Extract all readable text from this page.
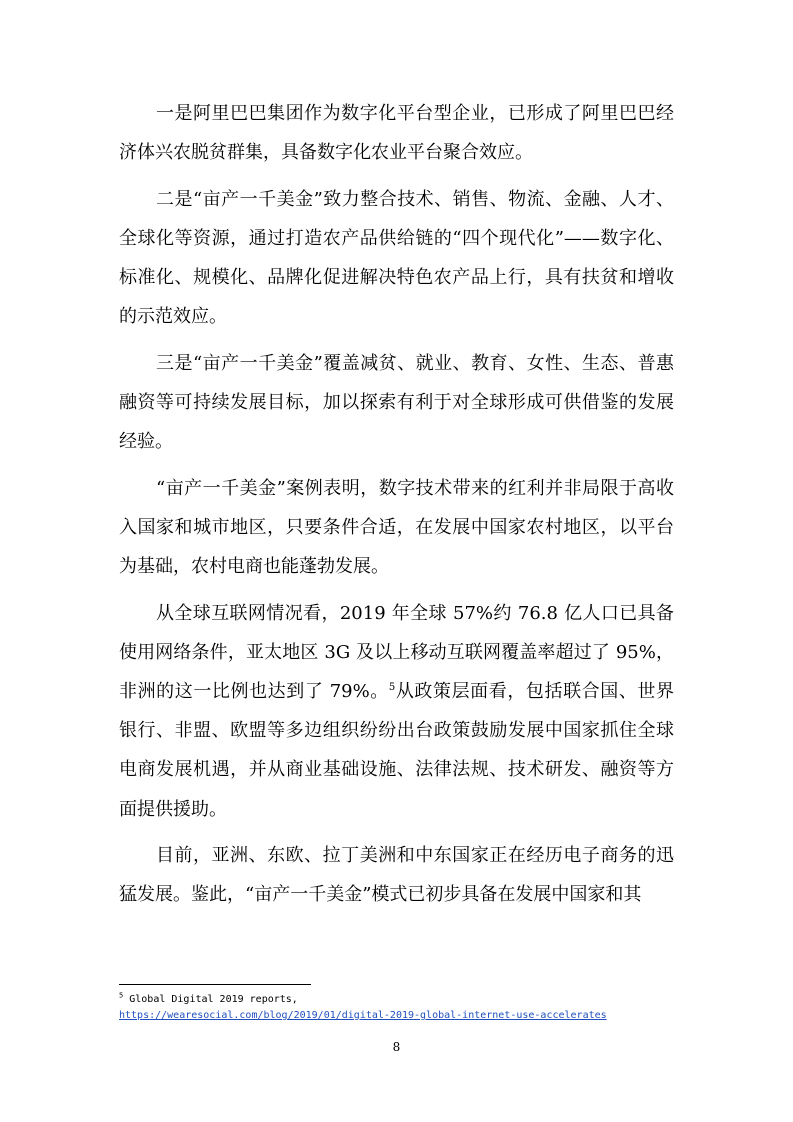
一是阿里巴巴集团作为数字化平台型企业，已形成了阿里巴巴经济体兴农脱贫群集，具备数字化农业平台聚合效应。

二是“亩产一千美金”致力整合技术、销售、物流、金融、人才、全球化等资源，通过打造农产品供给链的“四个现代化”——数字化、标准化、规模化、品牌化促进解决特色农产品上行，具有扶贫和增收的示范效应。

三是“亩产一千美金”覆盖减贫、就业、教育、女性、生态、普惠融资等可持续发展目标，加以探索有利于对全球形成可供借鉴的发展经验。

“亩产一千美金”案例表明，数字技术带来的红利并非局限于高收入国家和城市地区，只要条件合适，在发展中国家农村地区，以平台为基础，农村电商也能蓬勃发展。

从全球互联网情况看，2019 年全球 57%约 76.8 亿人口已具备使用网络条件，亚太地区 3G 及以上移动互联网覆盖率超过了 95%，非洲的这一比例也达到了 79%。$^5$从政策层面看，包括联合国、世界银行、非盟、欧盟等多边组织纷纷出台政策鼓励发展中国家抓住全球电商发展机遇，并从商业基础设施、法律法规、技术研发、融资等方面提供援助。

目前，亚洲、东欧、拉丁美洲和中东国家正在经历电子商务的迅猛发展。鉴此，“亩产一千美金”模式已初步具备在发展中国家和其

$^5$ Global Digital 2019 reports,
https://wearesocial.com/blog/2019/01/digital-2019-global-internet-use-accelerates
8
